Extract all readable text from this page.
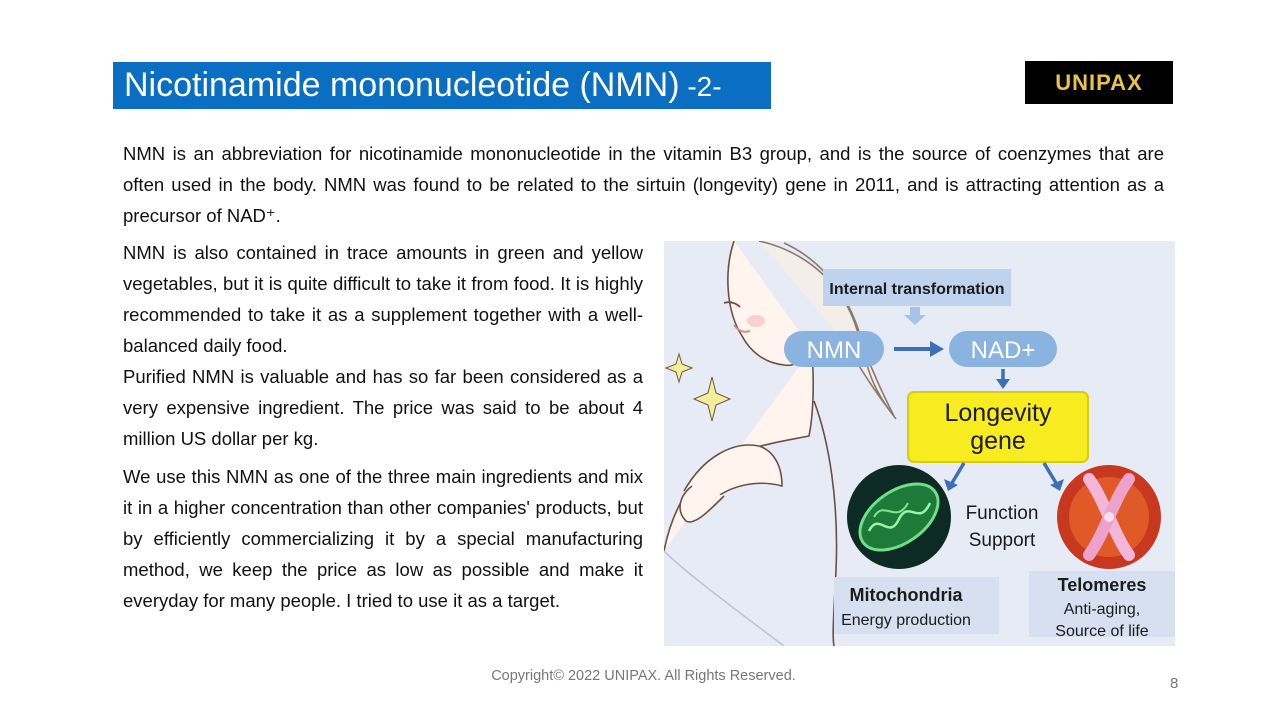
Nicotinamide mononucleotide (NMN) -2-	UNIPAX
NMN is an abbreviation for nicotinamide mononucleotide in the vitamin B3 group, and is the source of coenzymes that are often used in the body. NMN was found to be related to the sirtuin (longevity) gene in 2011, and is attracting attention as a precursor of NAD⁺.
NMN is also contained in trace amounts in green and yellow vegetables, but it is quite difficult to take it from food. It is highly recommended to take it as a supplement together with a well-balanced daily food.
Purified NMN is valuable and has so far been considered as a very expensive ingredient. The price was said to be about 4 million US dollar per kg.
We use this NMN as one of the three main ingredients and mix it in a higher concentration than other companies' products, but by efficiently commercializing it by a special manufacturing method, we keep the price as low as possible and make it everyday for many people. I tried to use it as a target.
Internal transformation
NMN	NAD+
Longevity
gene
Function
Support
Mitochondria
Energy production
Telomeres
Anti-aging,
Source of life
Copyright© 2022 UNIPAX. All Rights Reserved.	8
